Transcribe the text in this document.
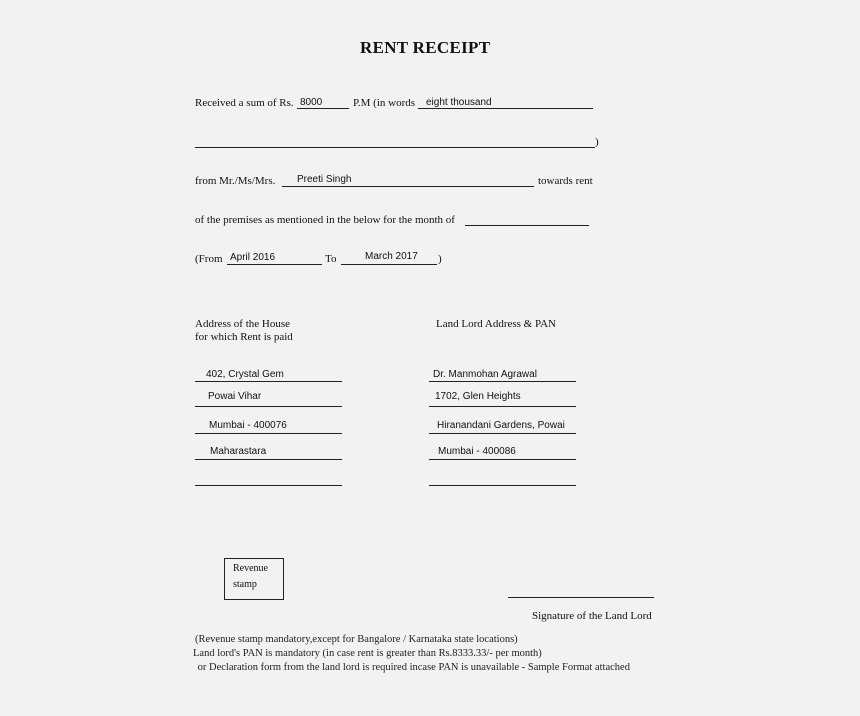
RENT RECEIPT
Received a sum of Rs. 8000	P.M (in words eight thousand
)
from Mr./Ms/Mrs. Preeti Singh	towards rent
of the premises as mentioned in the below for the month of
(From April 2016	To	March 2017 )
Address of the House
for which Rent is paid
402, Crystal Gem
Powai Vihar
Mumbai - 400076
Maharastara
Land Lord Address & PAN
Dr. Manmohan Agrawal
1702, Glen Heights
Hiranandani Gardens, Powai
Mumbai - 400086
Revenue
stamp
Signature of the Land Lord
(Revenue stamp mandatory,except for Bangalore / Karnataka state locations)
Land lord's PAN is mandatory (in case rent is greater than Rs.8333.33/- per month)
or Declaration form from the land lord is required incase PAN is unavailable - Sample Format attached
